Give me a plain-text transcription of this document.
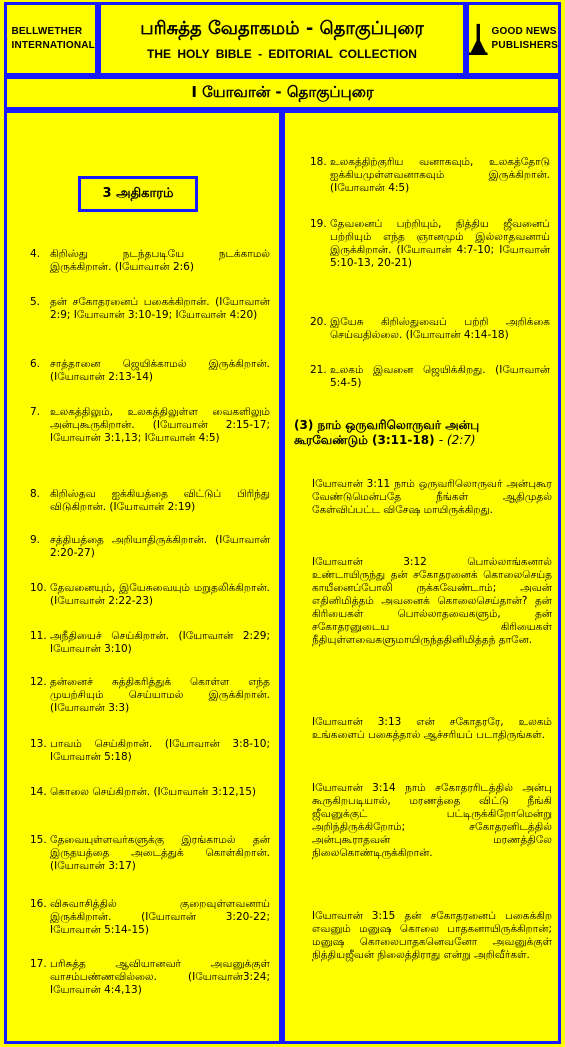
BELLWETHER
INTERNATIONAL
பரிசுத்த வேதாகமம் - தொகுப்புரை
THE HOLY BIBLE - EDITORIAL COLLECTION
GOOD NEWS
PUBLISHERS
I யோவான் - தொகுப்புரை
3 அதிகாரம்
4. கிறிஸ்து நடந்தபடியே நடக்காமல் இருக்கிறான். (Iயோவான் 2:6)
5. தன் சகோதரனைப் பகைக்கிறான். (Iயோவான் 2:9; Iயோவான் 3:10-19; Iயோவான் 4:20)
6. சாத்தானை ஜெயிக்காமல் இருக்கிறான். (Iயோவான் 2:13-14)
7. உலகத்திலும், உலகத்திலுள்ள வைகளிலும் அன்புகூருகிறான். (Iயோவான் 2:15-17; Iயோவான் 3:1,13; Iயோவான் 4:5)
8. கிறிஸ்தவ ஐக்கியத்தை விட்டுப் பிரிந்து விடுகிறான். (Iயோவான் 2:19)
9. சத்தியத்தை அறியாதிருக்கிறான். (Iயோவான் 2:20-27)
10. தேவனையும், இயேசுவையும் மறுதலிக்கிறான். (Iயோவான் 2:22-23)
11. அநீதியைச் செய்கிறான். (Iயோவான் 2:29; Iயோவான் 3:10)
12. தன்னைச் சுத்திகரித்துக் கொள்ள எந்த முயற்சியும் செய்யாமல் இருக்கிறான். (Iயோவான் 3:3)
13. பாவம் செய்கிறான். (Iயோவான் 3:8-10; Iயோவான் 5:18)
14. கொலை செய்கிறான். (Iயோவான் 3:12,15)
15. தேவையுள்ளவர்களுக்கு இரங்காமல் தன் இருதயத்தை அடைத்துக் கொள்கிறான். (Iயோவான் 3:17)
16. விசுவாசித்தில் குறைவுள்ளவனாய் இருக்கிறான். (Iயோவான் 3:20-22; Iயோவான் 5:14-15)
17. பரிசுத்த ஆவியானவர் அவனுக்குள் வாசம்பண்ணவில்லை. (Iயோவான்3:24; Iயோவான் 4:4,13)
18. உலகத்திற்குரிய வனாகவும், உலகத்தோடு ஐக்கியமுள்ளவனாகவும் இருக்கிறான். (Iயோவான் 4:5)
19. தேவனைப் பற்றியும், நித்திய ஜீவனைப் பற்றியும் எந்த ஞானமும் இல்லாதவனாய் இருக்கிறான். (Iயோவான் 4:7-10; Iயோவான் 5:10-13, 20-21)
20. இயேசு கிறிஸ்துவைப் பற்றி அறிக்கை செய்வதில்லை. (Iயோவான் 4:14-18)
21. உலகம் இவனை ஜெயிக்கிறது. (Iயோவான் 5:4-5)
(3) நாம் ஒருவரிலொருவர் அன்பு கூரவேண்டும் (3:11-18) - (2:7)
Iயோவான் 3:11 நாம் ஒருவரிலொருவர் அன்புகூர வேண்டுமென்பதே நீங்கள் ஆதிமுதல் கேள்விப்பட்ட விசேஷ மாயிருக்கிறது.
Iயோவான் 3:12 பொல்லாங்கனால் உண்டாயிருந்து தன் சகோதரனைக் கொலைசெய்த காயீனைப்போலி ருக்கவேண்டாம்; அவன் எதினிமித்தம் அவனைக் கொலைசெய்தான்? தன் கிரியைகள் பொல்லாதவைகளும், தன் சகோதரனுடைய கிரியைகள் நீதியுள்ளவைகளுமாயிருந்ததினிமித்தந் தானே.
Iயோவான் 3:13 என் சகோதரரே, உலகம் உங்களைப் பகைத்தால் ஆச்சரியப் படாதிருங்கள்.
Iயோவான் 3:14 நாம் சகோதரரிடத்தில் அன்பு கூருகிறபடியால், மரணத்தை விட்டு நீங்கி ஜீவனுக்குட் பட்டிருக்கிறோமென்று அறிந்திருக்கிறோம்; சகோதரனிடத்தில் அன்புகூராதவன் மரணத்திலே நிலைகொண்டிருக்கிறான்.
Iயோவான் 3:15 தன் சகோதரனைப் பகைக்கிற எவனும் மனுஷ கொலை பாதகனாயிருக்கிறான்; மனுஷ கொலைபாதகனெவனோ அவனுக்குள் நித்தியஜீவன் நிலைத்திராது என்று அறிவீர்கள்.
